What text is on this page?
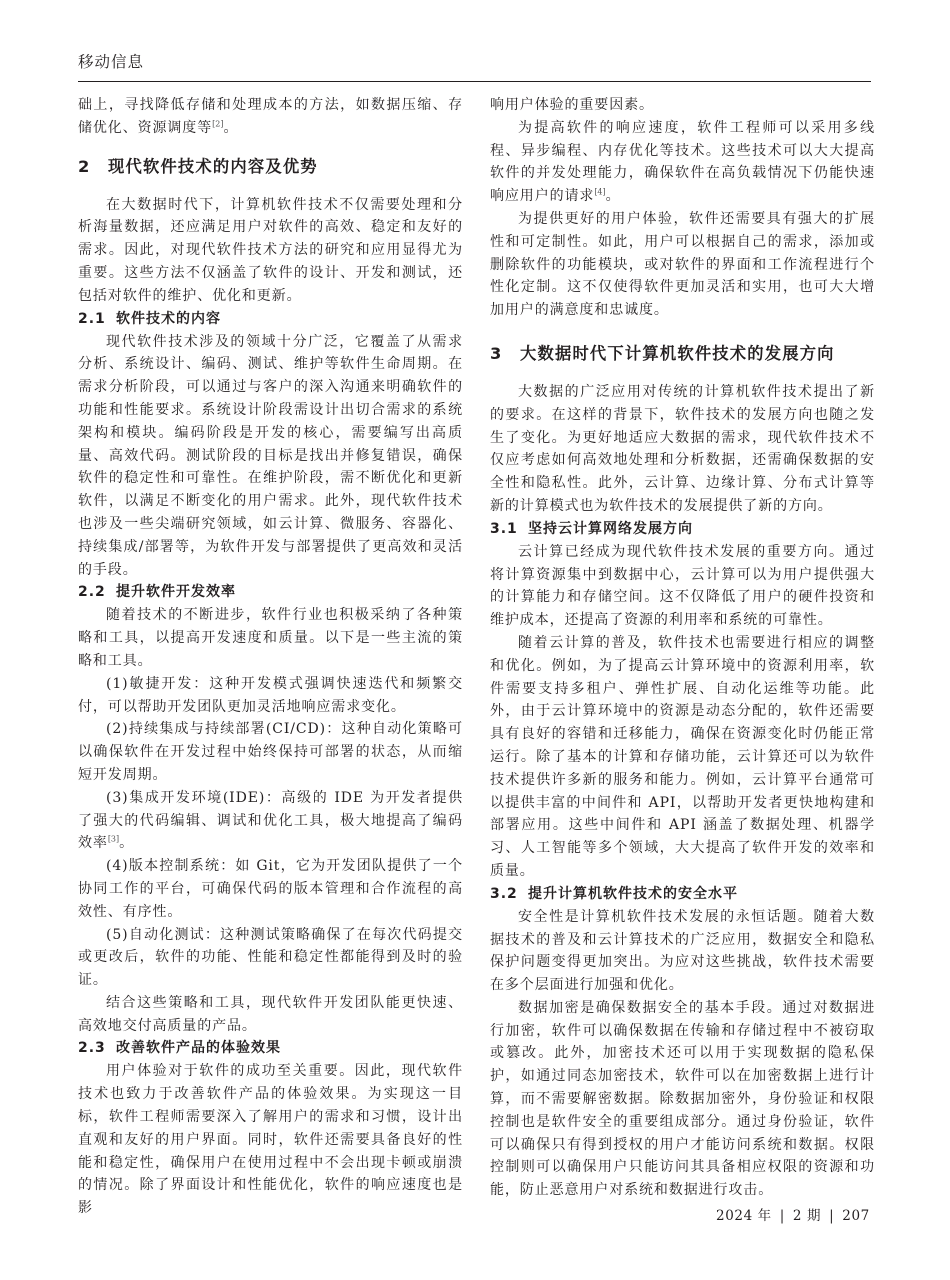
移动信息

础上，寻找降低存储和处理成本的方法，如数据压缩、存储优化、资源调度等[2]。

2 现代软件技术的内容及优势

在大数据时代下，计算机软件技术不仅需要处理和分析海量数据，还应满足用户对软件的高效、稳定和友好的需求。因此，对现代软件技术方法的研究和应用显得尤为重要。这些方法不仅涵盖了软件的设计、开发和测试，还包括对软件的维护、优化和更新。

2.1 软件技术的内容

现代软件技术涉及的领域十分广泛，它覆盖了从需求分析、系统设计、编码、测试、维护等软件生命周期。在需求分析阶段，可以通过与客户的深入沟通来明确软件的功能和性能要求。系统设计阶段需设计出切合需求的系统架构和模块。编码阶段是开发的核心，需要编写出高质量、高效代码。测试阶段的目标是找出并修复错误，确保软件的稳定性和可靠性。在维护阶段，需不断优化和更新软件，以满足不断变化的用户需求。此外，现代软件技术也涉及一些尖端研究领域，如云计算、微服务、容器化、持续集成/部署等，为软件开发与部署提供了更高效和灵活的手段。

2.2 提升软件开发效率

随着技术的不断进步，软件行业也积极采纳了各种策略和工具，以提高开发速度和质量。以下是一些主流的策略和工具。

(1)敏捷开发：这种开发模式强调快速迭代和频繁交付，可以帮助开发团队更加灵活地响应需求变化。

(2)持续集成与持续部署(CI/CD)：这种自动化策略可以确保软件在开发过程中始终保持可部署的状态，从而缩短开发周期。

(3)集成开发环境(IDE)：高级的 IDE 为开发者提供了强大的代码编辑、调试和优化工具，极大地提高了编码效率[3]。

(4)版本控制系统：如 Git，它为开发团队提供了一个协同工作的平台，可确保代码的版本管理和合作流程的高效性、有序性。

(5)自动化测试：这种测试策略确保了在每次代码提交或更改后，软件的功能、性能和稳定性都能得到及时的验证。

结合这些策略和工具，现代软件开发团队能更快速、高效地交付高质量的产品。

2.3 改善软件产品的体验效果

用户体验对于软件的成功至关重要。因此，现代软件技术也致力于改善软件产品的体验效果。为实现这一目标，软件工程师需要深入了解用户的需求和习惯，设计出直观和友好的用户界面。同时，软件还需要具备良好的性能和稳定性，确保用户在使用过程中不会出现卡顿或崩溃的情况。除了界面设计和性能优化，软件的响应速度也是影

响用户体验的重要因素。

为提高软件的响应速度，软件工程师可以采用多线程、异步编程、内存优化等技术。这些技术可以大大提高软件的并发处理能力，确保软件在高负载情况下仍能快速响应用户的请求[4]。

为提供更好的用户体验，软件还需要具有强大的扩展性和可定制性。如此，用户可以根据自己的需求，添加或删除软件的功能模块，或对软件的界面和工作流程进行个性化定制。这不仅使得软件更加灵活和实用，也可大大增加用户的满意度和忠诚度。

3 大数据时代下计算机软件技术的发展方向

大数据的广泛应用对传统的计算机软件技术提出了新的要求。在这样的背景下，软件技术的发展方向也随之发生了变化。为更好地适应大数据的需求，现代软件技术不仅应考虑如何高效地处理和分析数据，还需确保数据的安全性和隐私性。此外，云计算、边缘计算、分布式计算等新的计算模式也为软件技术的发展提供了新的方向。

3.1 坚持云计算网络发展方向

云计算已经成为现代软件技术发展的重要方向。通过将计算资源集中到数据中心，云计算可以为用户提供强大的计算能力和存储空间。这不仅降低了用户的硬件投资和维护成本，还提高了资源的利用率和系统的可靠性。

随着云计算的普及，软件技术也需要进行相应的调整和优化。例如，为了提高云计算环境中的资源利用率，软件需要支持多租户、弹性扩展、自动化运维等功能。此外，由于云计算环境中的资源是动态分配的，软件还需要具有良好的容错和迁移能力，确保在资源变化时仍能正常运行。除了基本的计算和存储功能，云计算还可以为软件技术提供许多新的服务和能力。例如，云计算平台通常可以提供丰富的中间件和 API，以帮助开发者更快地构建和部署应用。这些中间件和 API 涵盖了数据处理、机器学习、人工智能等多个领域，大大提高了软件开发的效率和质量。

3.2 提升计算机软件技术的安全水平

安全性是计算机软件技术发展的永恒话题。随着大数据技术的普及和云计算技术的广泛应用，数据安全和隐私保护问题变得更加突出。为应对这些挑战，软件技术需要在多个层面进行加强和优化。

数据加密是确保数据安全的基本手段。通过对数据进行加密，软件可以确保数据在传输和存储过程中不被窃取或篡改。此外，加密技术还可以用于实现数据的隐私保护，如通过同态加密技术，软件可以在加密数据上进行计算，而不需要解密数据。除数据加密外，身份验证和权限控制也是软件安全的重要组成部分。通过身份验证，软件可以确保只有得到授权的用户才能访问系统和数据。权限控制则可以确保用户只能访问其具备相应权限的资源和功能，防止恶意用户对系统和数据进行攻击。

2024 年 | 2 期 | 207
